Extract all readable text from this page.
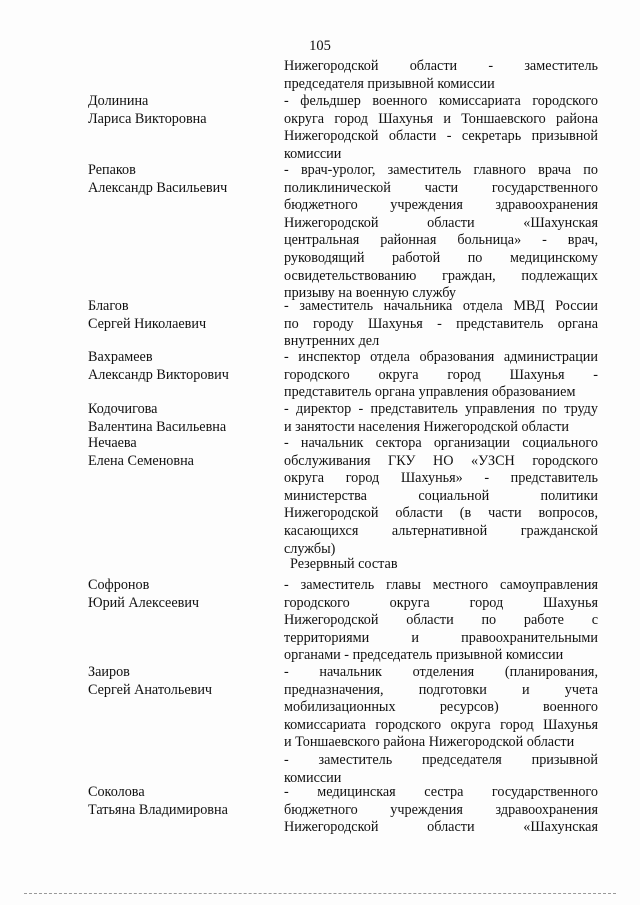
105
Нижегородской области - заместитель
председателя призывной комиссии
Долинина
Лариса Викторовна
- фельдшер военного комиссариата городского
округа город Шахунья и Тоншаевского района
Нижегородской области - секретарь призывной
комиссии
Репаков
Александр Васильевич
- врач-уролог, заместитель главного врача по
поликлинической части государственного
бюджетного учреждения здравоохранения
Нижегородской области «Шахунская
центральная районная больница» - врач,
руководящий работой по медицинскому
освидетельствованию граждан, подлежащих
призыву на военную службу
Благов
Сергей Николаевич
- заместитель начальника отдела МВД России
по городу Шахунья - представитель органа
внутренних дел
Вахрамеев
Александр Викторович
- инспектор отдела образования администрации
городского округа город Шахунья -
представитель органа управления образованием
Кодочигова
Валентина Васильевна
- директор - представитель управления по труду
и занятости населения Нижегородской области
Нечаева
Елена Семеновна
- начальник сектора организации социального
обслуживания ГКУ НО «УЗСН городского
округа город Шахунья» - представитель
министерства социальной политики
Нижегородской области (в части вопросов,
касающихся альтернативной гражданской
службы)
Резервный состав
Софронов
Юрий Алексеевич
- заместитель главы местного самоуправления
городского округа город Шахунья
Нижегородской области по работе с
территориями и правоохранительными
органами - председатель призывной комиссии
Заиров
Сергей Анатольевич
- начальник отделения (планирования,
предназначения, подготовки и учета
мобилизационных ресурсов) военного
комиссариата городского округа город Шахунья
и Тоншаевского района Нижегородской области
- заместитель председателя призывной
комиссии
Соколова
Татьяна Владимировна
- медицинская сестра государственного
бюджетного учреждения здравоохранения
Нижегородской области «Шахунская
